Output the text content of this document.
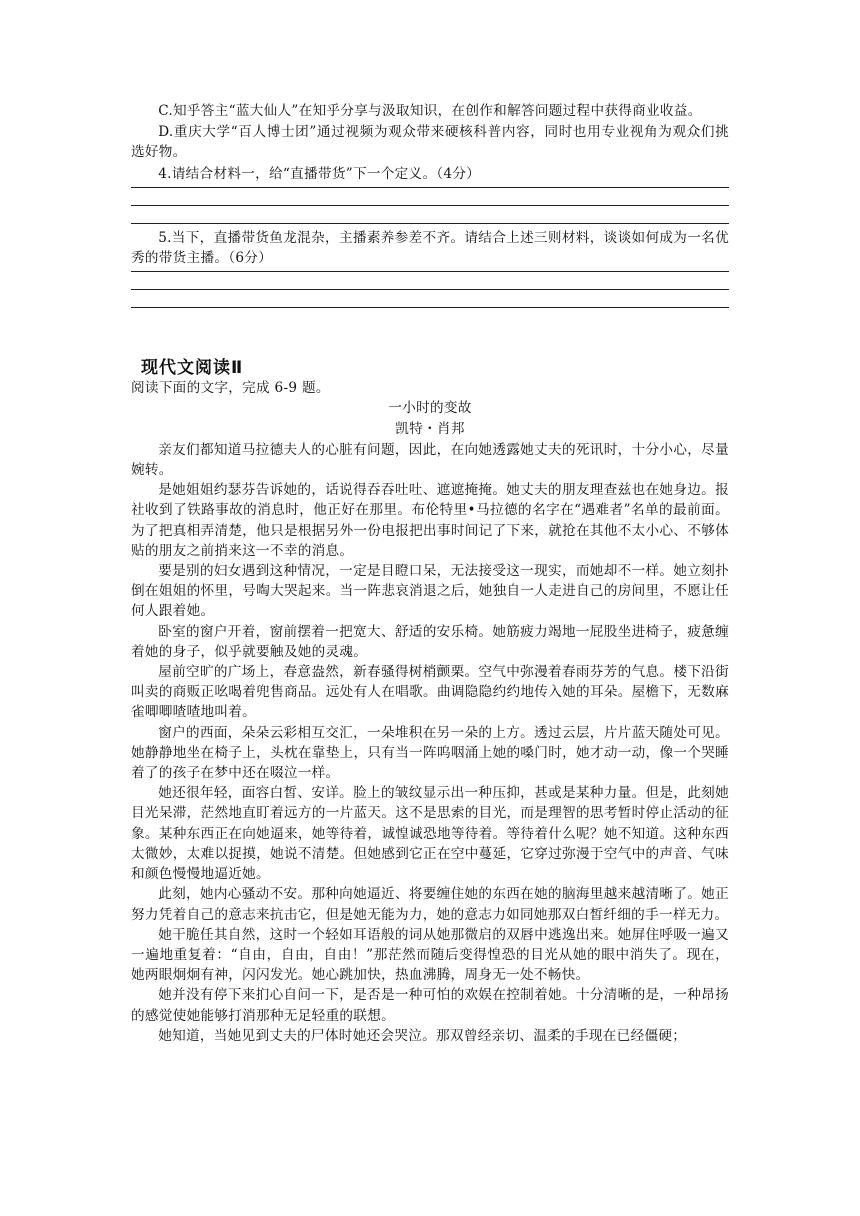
C.知乎答主“蓝大仙人”在知乎分享与汲取知识，在创作和解答问题过程中获得商业收益。

D.重庆大学“百人博士团”通过视频为观众带来硬核科普内容，同时也用专业视角为观众们挑选好物。

4.请结合材料一，给“直播带货”下一个定义。（4分）

5.当下，直播带货鱼龙混杂，主播素养参差不齐。请结合上述三则材料，谈谈如何成为一名优秀的带货主播。（6分）

现代文阅读Ⅱ

阅读下面的文字，完成 6-9 题。

一小时的变故

凯特・肖邦

亲友们都知道马拉德夫人的心脏有问题，因此，在向她透露她丈夫的死讯时，十分小心，尽量婉转。

是她姐姐约瑟芬告诉她的，话说得吞吞吐吐、遮遮掩掩。她丈夫的朋友理查兹也在她身边。报社收到了铁路事故的消息时，他正好在那里。布伦特里•马拉德的名字在“遇难者”名单的最前面。为了把真相弄清楚，他只是根据另外一份电报把出事时间记了下来，就抢在其他不太小心、不够体贴的朋友之前捎来这一不幸的消息。

要是别的妇女遇到这种情况，一定是目瞪口呆，无法接受这一现实，而她却不一样。她立刻扑倒在姐姐的怀里，号啕大哭起来。当一阵悲哀消退之后，她独自一人走进自己的房间里，不愿让任何人跟着她。

卧室的窗户开着，窗前摆着一把宽大、舒适的安乐椅。她筋疲力竭地一屁股坐进椅子，疲惫缠着她的身子，似乎就要触及她的灵魂。

屋前空旷的广场上，春意盎然，新春骚得树梢颤栗。空气中弥漫着春雨芬芳的气息。楼下沿街叫卖的商贩正吆喝着兜售商品。远处有人在唱歌。曲调隐隐约约地传入她的耳朵。屋檐下，无数麻雀唧唧喳喳地叫着。

窗户的西面，朵朵云彩相互交汇，一朵堆积在另一朵的上方。透过云层，片片蓝天随处可见。她静静地坐在椅子上，头枕在靠垫上，只有当一阵呜咽涌上她的嗓门时，她才动一动，像一个哭睡着了的孩子在梦中还在啜泣一样。

她还很年轻，面容白皙、安详。脸上的皱纹显示出一种压抑，甚或是某种力量。但是，此刻她目光呆滞，茫然地直盯着远方的一片蓝天。这不是思索的目光，而是理智的思考暂时停止活动的征象。某种东西正在向她逼来，她等待着，诚惶诚恐地等待着。等待着什么呢？她不知道。这种东西太微妙，太难以捉摸，她说不清楚。但她感到它正在空中蔓延，它穿过弥漫于空气中的声音、气味和颜色慢慢地逼近她。

此刻，她内心骚动不安。那种向她逼近、将要缠住她的东西在她的脑海里越来越清晰了。她正努力凭着自己的意志来抗击它，但是她无能为力，她的意志力如同她那双白皙纤细的手一样无力。

她干脆任其自然，这时一个轻如耳语般的词从她那微启的双唇中逃逸出来。她屏住呼吸一遍又一遍地重复着：“自由，自由，自由！”那茫然而随后变得惶恐的目光从她的眼中消失了。现在，她两眼炯炯有神，闪闪发光。她心跳加快，热血沸腾，周身无一处不畅快。

她并没有停下来扪心自问一下，是否是一种可怕的欢娱在控制着她。十分清晰的是，一种昂扬的感觉使她能够打消那种无足轻重的联想。

她知道，当她见到丈夫的尸体时她还会哭泣。那双曾经亲切、温柔的手现在已经僵硬；
